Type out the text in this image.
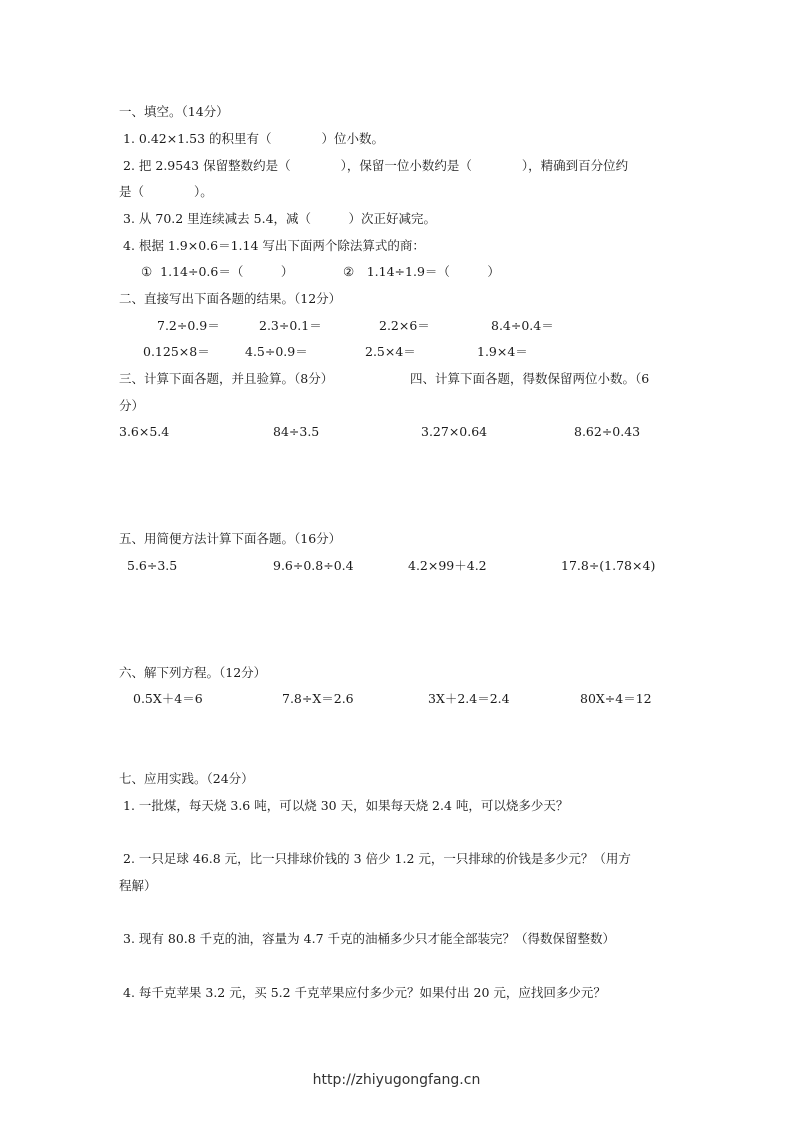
一、填空。（14分）
1. 0.42×1.53 的积里有（　　　　）位小数。
2. 把 2.9543 保留整数约是（　　　　），保留一位小数约是（　　　　），精确到百分位约
是（　　　　）。
3. 从 70.2 里连续减去 5.4，减（　　　）次正好减完。
4. 根据 1.9×0.6＝1.14 写出下面两个除法算式的商：
①  1.14÷0.6＝（　　　）	②　1.14÷1.9＝（　　　）
二、直接写出下面各题的结果。（12分）
7.2÷0.9＝	2.3÷0.1＝	2.2×6＝	8.4÷0.4＝
0.125×8＝	4.5÷0.9＝	2.5×4＝	1.9×4＝
三、计算下面各题，并且验算。（8分）	四、计算下面各题，得数保留两位小数。（6
分）
3.6×5.4	84÷3.5	3.27×0.64	8.62÷0.43
五、用简便方法计算下面各题。（16分）
5.6÷3.5	9.6÷0.8÷0.4	4.2×99＋4.2	17.8÷(1.78×4)
六、解下列方程。（12分）
0.5X＋4＝6	7.8÷X＝2.6	3X＋2.4＝2.4	80X÷4＝12
七、应用实践。（24分）
1. 一批煤，每天烧 3.6 吨，可以烧 30 天，如果每天烧 2.4 吨，可以烧多少天？
2. 一只足球 46.8 元，比一只排球价钱的 3 倍少 1.2 元，一只排球的价钱是多少元？（用方
程解）
3. 现有 80.8 千克的油，容量为 4.7 千克的油桶多少只才能全部装完？（得数保留整数）
4. 每千克苹果 3.2 元，买 5.2 千克苹果应付多少元？如果付出 20 元，应找回多少元？
http://zhiyugongfang.cn
